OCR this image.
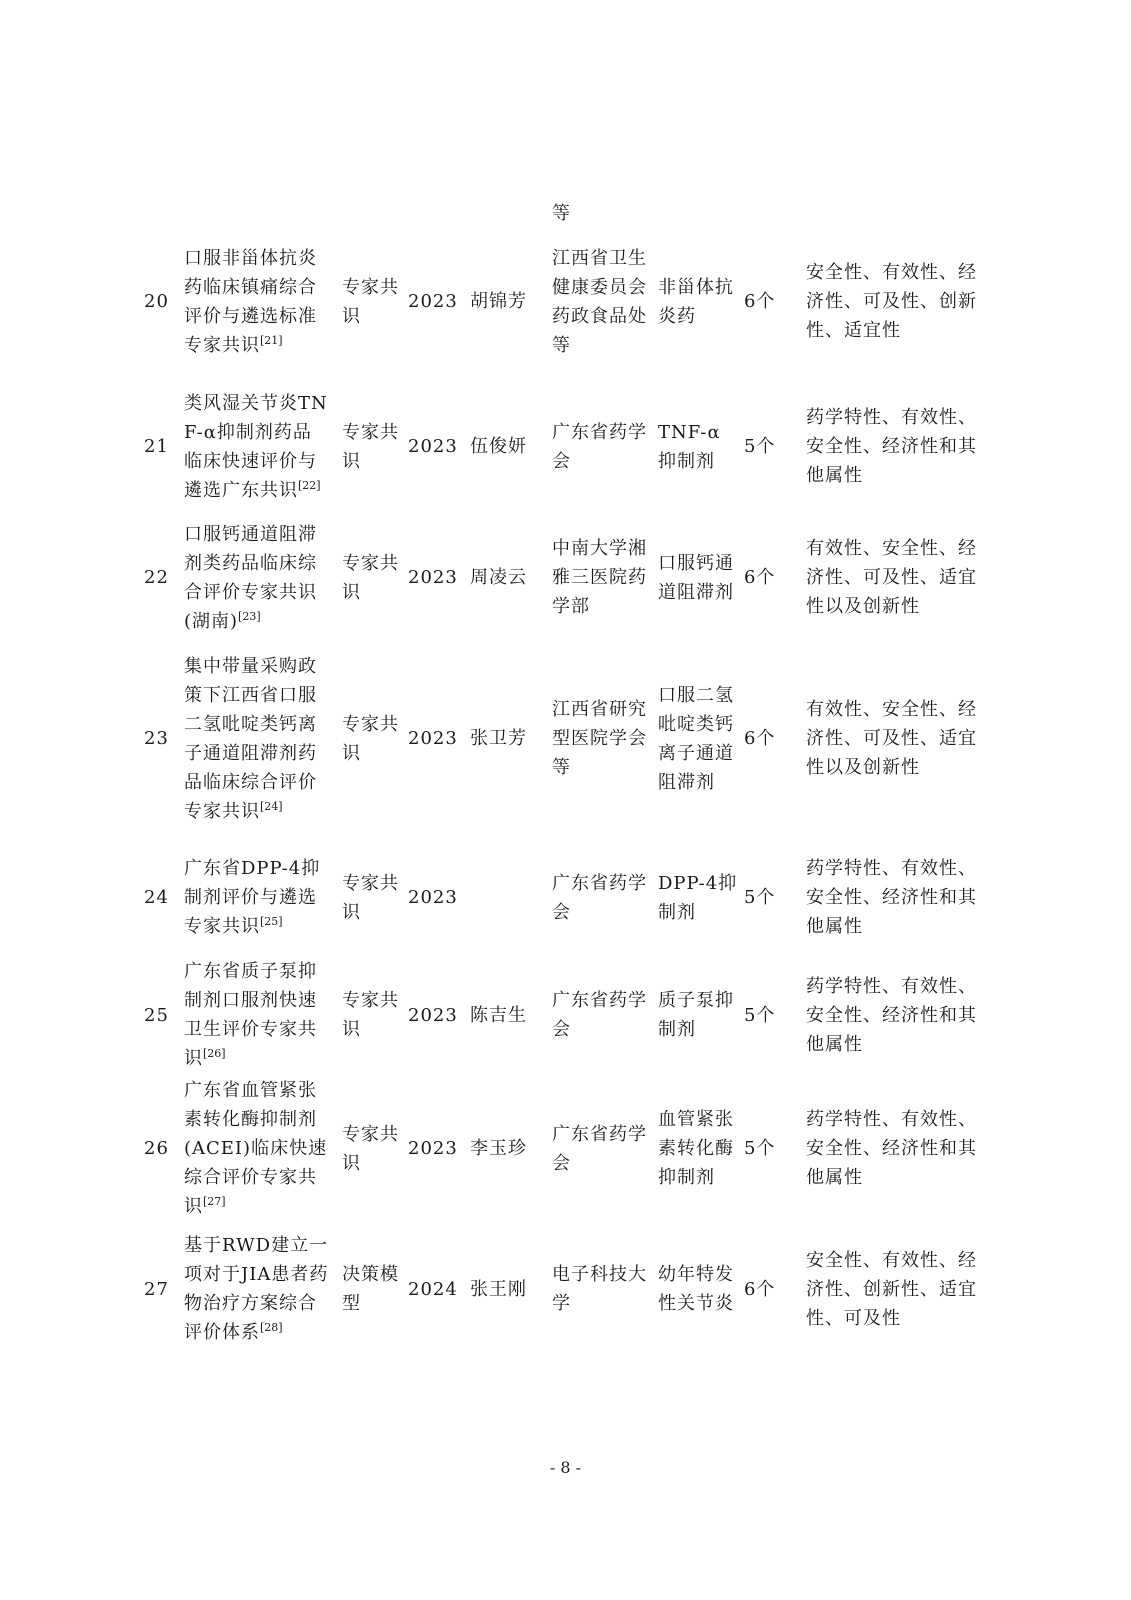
等
20	口服非甾体抗炎药临床镇痛综合评价与遴选标准专家共识[21]	专家共识	2023	胡锦芳	江西省卫生健康委员会药政食品处等	非甾体抗炎药	6个	安全性、有效性、经济性、可及性、创新性、适宜性
21	类风湿关节炎TNF-α抑制剂药品临床快速评价与遴选广东共识[22]	专家共识	2023	伍俊妍	广东省药学会	TNF-α抑制剂	5个	药学特性、有效性、安全性、经济性和其他属性
22	口服钙通道阻滞剂类药品临床综合评价专家共识(湖南)[23]	专家共识	2023	周凌云	中南大学湘雅三医院药学部	口服钙通道阻滞剂	6个	有效性、安全性、经济性、可及性、适宜性以及创新性
23	集中带量采购政策下江西省口服二氢吡啶类钙离子通道阻滞剂药品临床综合评价专家共识[24]	专家共识	2023	张卫芳	江西省研究型医院学会等	口服二氢吡啶类钙离子通道阻滞剂	6个	有效性、安全性、经济性、可及性、适宜性以及创新性
24	广东省DPP-4抑制剂评价与遴选专家共识[25]	专家共识	2023		广东省药学会	DPP-4抑制剂	5个	药学特性、有效性、安全性、经济性和其他属性
25	广东省质子泵抑制剂口服剂快速卫生评价专家共识[26]	专家共识	2023	陈吉生	广东省药学会	质子泵抑制剂	5个	药学特性、有效性、安全性、经济性和其他属性
26	广东省血管紧张素转化酶抑制剂(ACEI)临床快速综合评价专家共识[27]	专家共识	2023	李玉珍	广东省药学会	血管紧张素转化酶抑制剂	5个	药学特性、有效性、安全性、经济性和其他属性
27	基于RWD建立一项对于JIA患者药物治疗方案综合评价体系[28]	决策模型	2024	张王刚	电子科技大学	幼年特发性关节炎	6个	安全性、有效性、经济性、创新性、适宜性、可及性
- 8 -
